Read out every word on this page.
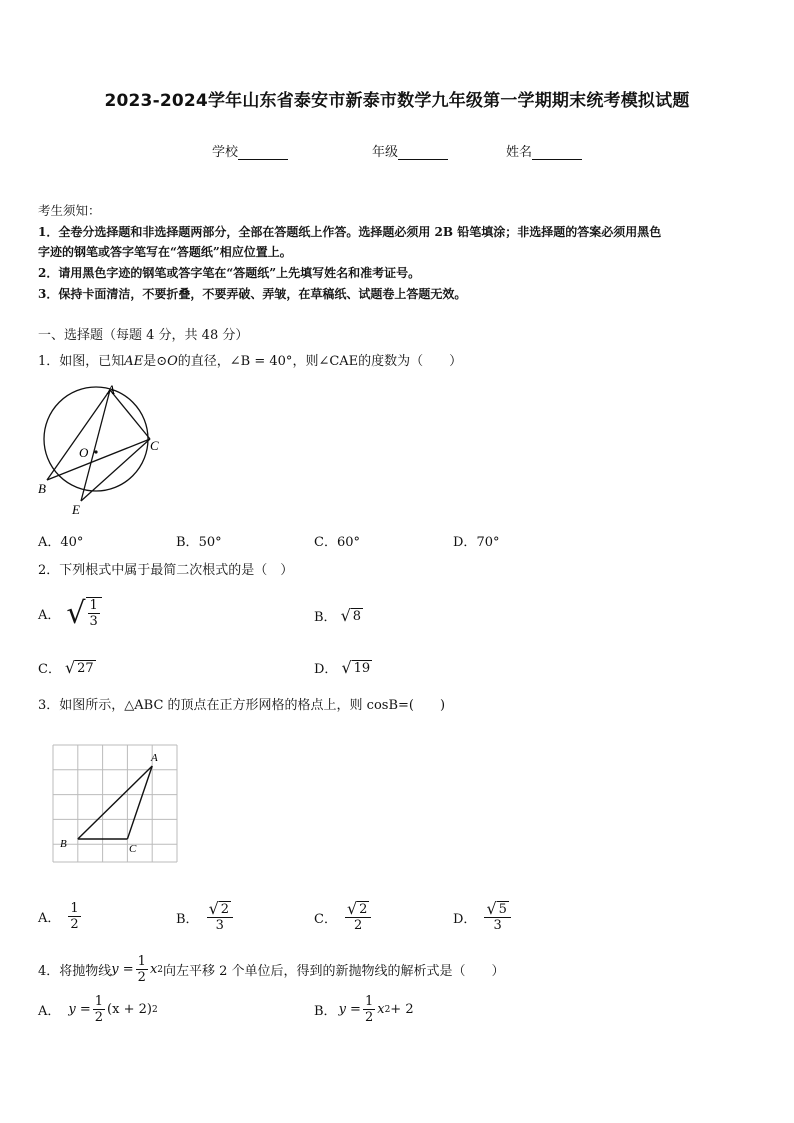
2023-2024学年山东省泰安市新泰市数学九年级第一学期期末统考模拟试题
学校	年级	姓名
考生须知：
1．全卷分选择题和非选择题两部分，全部在答题纸上作答。选择题必须用 2B 铅笔填涂；非选择题的答案必须用黑色
字迹的钢笔或答字笔写在“答题纸”相应位置上。
2．请用黑色字迹的钢笔或答字笔在“答题纸”上先填写姓名和准考证号。
3．保持卡面清洁，不要折叠，不要弄破、弄皱，在草稿纸、试题卷上答题无效。
一、选择题（每题 4 分，共 48 分）
1．如图，已知AE是⊙O的直径，∠B = 40°，则∠CAE的度数为（　　）
A
B
C
E
O
A．40°	B．50°	C．60°	D．70°
2．下列根式中属于最简二次根式的是（　）
A． √ $\frac{1}{3}$	B． √ 8
C． √ 27	D． √ 19
3．如图所示，△ABC 的顶点在正方形网格的格点上，则 cosB=(　　)
A
B	C
A． $\frac{1}{2}$	B． $\frac{√ 2}{3}$	C． $\frac{√ 2}{2}$	D． $\frac{√ 5}{3}$
4．将抛物线 $y = \frac{1}{2}$ x 2 向左平移 2 个单位后，得到的新抛物线的解析式是（　　）
A． $y = \frac{1}{2} (x + 2)$ 2	B． $y = \frac{1}{2}$ x 2 + 2
